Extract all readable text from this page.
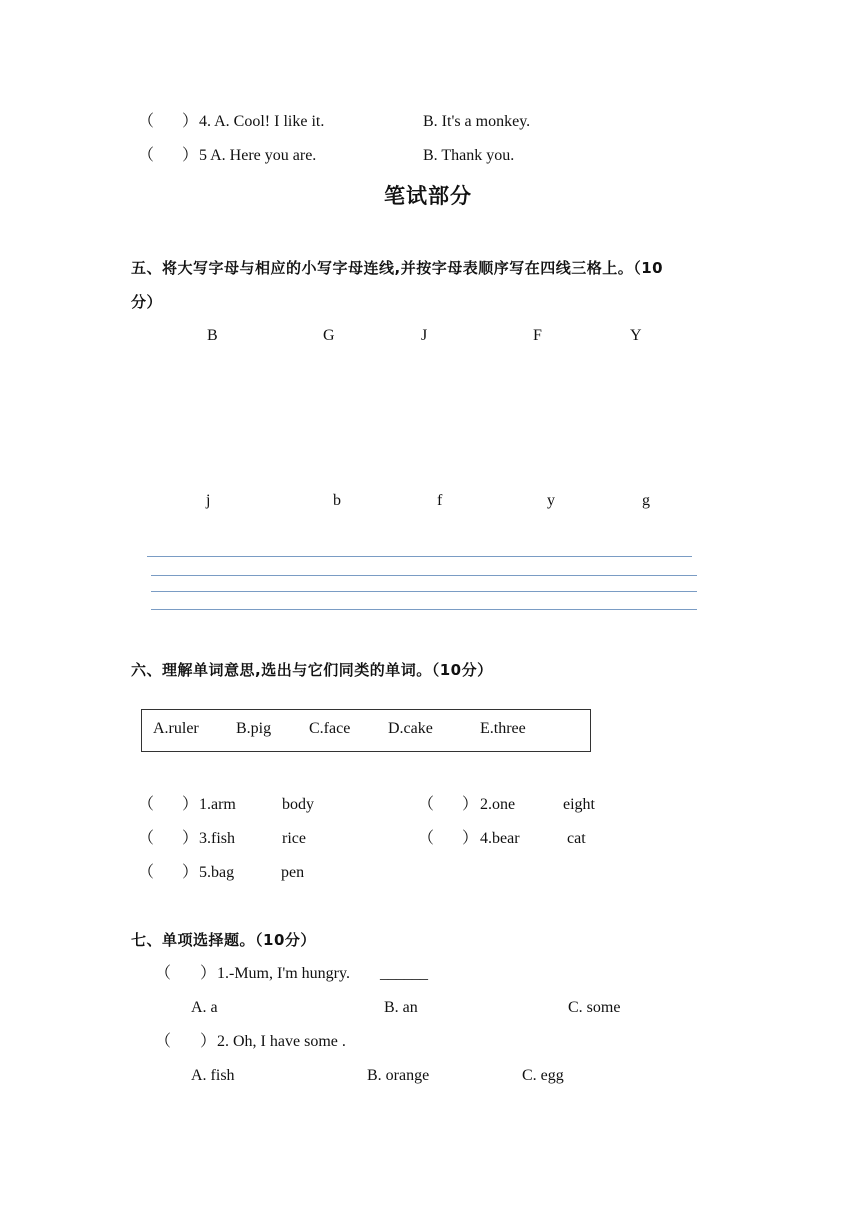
（ ） 4. A. Cool! I like it.	B. It's a monkey.
（ ） 5 A. Here you are.	B. Thank you.
笔试部分
五、将大写字母与相应的小写字母连线,并按字母表顺序写在四线三格上。（10
分）
B	G	J	F	Y
j	b	f	y	g
六、理解单词意思,选出与它们同类的单词。（10分）
A.ruler B.pig C.face D.cake	E.three
（ ） 1.arm	body	（ ） 2.one	eight
（ ） 3.fish	rice	（ ） 4.bear	cat
（ ） 5.bag	pen
七、单项选择题。（10分）
（ ） 1.-Mum, I'm hungry. ______
A. a	B. an	C. some
（ ） 2. Oh, I have some .
A. fish	B. orange	C. egg
